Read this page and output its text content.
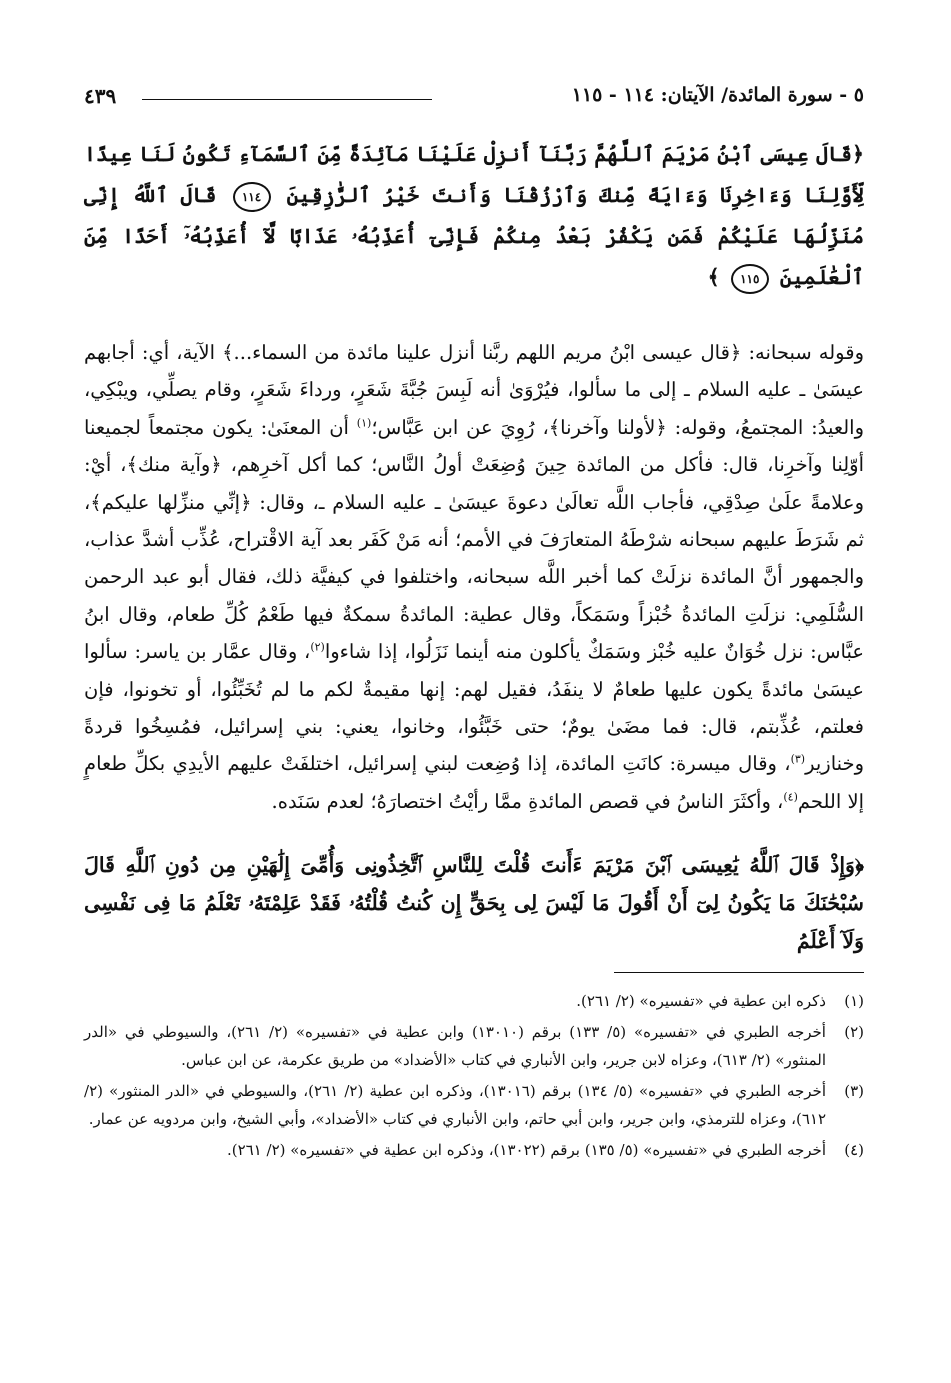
٥ - سورة المائدة/ الآيتان: ١١٤ - ١١٥
٤٣٩
﴿قَالَ عِيسَى ٱبْنُ مَرْيَمَ ٱللَّهُمَّ رَبَّنَآ أَنزِلْ عَلَيْنَا مَآئِدَةً مِّنَ ٱلسَّمَآءِ تَكُونُ لَنَا عِيدًا لِّأَوَّلِنَا وَءَاخِرِنَا وَءَايَةً مِّنكَ وَٱرْزُقْنَا وَأَنتَ خَيْرُ ٱلرَّٰزِقِينَ ١١٤ قَالَ ٱللَّهُ إِنِّى مُنَزِّلُهَا عَلَيْكُمْ فَمَن يَكْفُرْ بَعْدُ مِنكُمْ فَإِنِّىٓ أُعَذِّبُهُۥ عَذَابًا لَّآ أُعَذِّبُهُۥٓ أَحَدًا مِّنَ ٱلْعَٰلَمِينَ ١١٥ ﴾

وقوله سبحانه: ﴿قال عيسى ابْنُ مريم اللهم ربَّنا أنزل علينا مائدة من السماء...﴾ الآية، أي: أجابهم عيسَىٰ ـ عليه السلام ـ إلى ما سألوا، فيُرْوَىٰ أنه لَبِسَ جُبَّةَ شَعَرٍ، ورداءَ شَعَرٍ، وقام يصلِّي، ويبْكِي، والعيدُ: المجتمعُ، وقوله: ﴿لأولنا وآخرنا﴾، رُوِيَ عن ابن عَبَّاس؛$^{(١)}$ أن المعنَىٰ: يكون مجتمعاً لجميعنا أوّلِنا وآخرِنا، قال: فأكل من المائدة حِينَ وُضِعَتْ أولُ النَّاس؛ كما أكل آخرِهم، ﴿وآية منك﴾، أيْ: وعلامةً علَىٰ صِدْقِي، فأجاب اللَّه تعالَىٰ دعوةَ عيسَىٰ ـ عليه السلام ـ، وقال: ﴿إنِّي منزِّلها عليكم﴾، ثم شَرَطَ عليهم سبحانه شرْطَهُ المتعارَفَ في الأمم؛ أنه مَنْ كَفَر بعد آية الاقْتراح، عُذِّب أشدَّ عذاب، والجمهور أنَّ المائدة نزلَتْ كما أخبر اللَّه سبحانه، واختلفوا في كيفيَّة ذلك، فقال أبو عبد الرحمن السُّلَمِي: نزلَتِ المائدةُ خُبْزاً وسَمَكاً، وقال عطية: المائدةُ سمكةٌ فيها طَعْمُ كُلِّ طعام، وقال ابنُ عبَّاس: نزل خُوَانٌ عليه خُبْز وسَمَكٌ يأكلون منه أينما نَزَلُوا، إذا شاءوا$^{(٢)}$، وقال عمَّار بن ياسر: سألوا عيسَىٰ مائدةً يكون عليها طعامٌ لا ينفَدُ، فقيل لهم: إنها مقيمةٌ لكم ما لم تُخَبِّئُوا، أو تخونوا، فإن فعلتم، عُذِّبتم، قال: فما مضَىٰ يومٌ؛ حتى خَبَّئُوا، وخانوا، يعني: بني إسرائيل، فمُسِخُوا قردةً وخنازير$^{(٣)}$، وقال ميسرة: كانَتِ المائدة، إذا وُضِعت لبني إسرائيل، اختلفَتْ عليهم الأيدِي بكلِّ طعامٍ إلا اللحم$^{(٤)}$، وأكثَرَ الناسُ في قصص المائدةِ ممَّا رأيْتُ اختصارَهُ؛ لعدم سَنَده.

﴿وَإِذْ قَالَ ٱللَّهُ يَٰعِيسَى ٱبْنَ مَرْيَمَ ءَأَنتَ قُلْتَ لِلنَّاسِ ٱتَّخِذُونِى وَأُمِّىَ إِلَٰهَيْنِ مِن دُونِ ٱللَّهِ قَالَ سُبْحَٰنَكَ مَا يَكُونُ لِىٓ أَنْ أَقُولَ مَا لَيْسَ لِى بِحَقٍّ إِن كُنتُ قُلْتُهُۥ فَقَدْ عَلِمْتَهُۥ تَعْلَمُ مَا فِى نَفْسِى وَلَآ أَعْلَمُ
(١)
ذكره ابن عطية في «تفسيره» (٢/ ٢٦١).
(٢)
أخرجه الطبري في «تفسيره» (٥/ ١٣٣) برقم (١٣٠١٠) وابن عطية في «تفسيره» (٢/ ٢٦١)، والسيوطي في «الدر المنثور» (٢/ ٦١٣)، وعزاه لابن جرير، وابن الأنباري في كتاب «الأضداد» من طريق عكرمة، عن ابن عباس.
(٣)
أخرجه الطبري في «تفسيره» (٥/ ١٣٤) برقم (١٣٠١٦)، وذكره ابن عطية (٢/ ٢٦١)، والسيوطي في «الدر المنثور» (٢/ ٦١٢)، وعزاه للترمذي، وابن جرير، وابن أبي حاتم، وابن الأنباري في كتاب «الأضداد»، وأبي الشيخ، وابن مردويه عن عمار.
(٤)
أخرجه الطبري في «تفسيره» (٥/ ١٣٥) برقم (١٣٠٢٢)، وذكره ابن عطية في «تفسيره» (٢/ ٢٦١).
